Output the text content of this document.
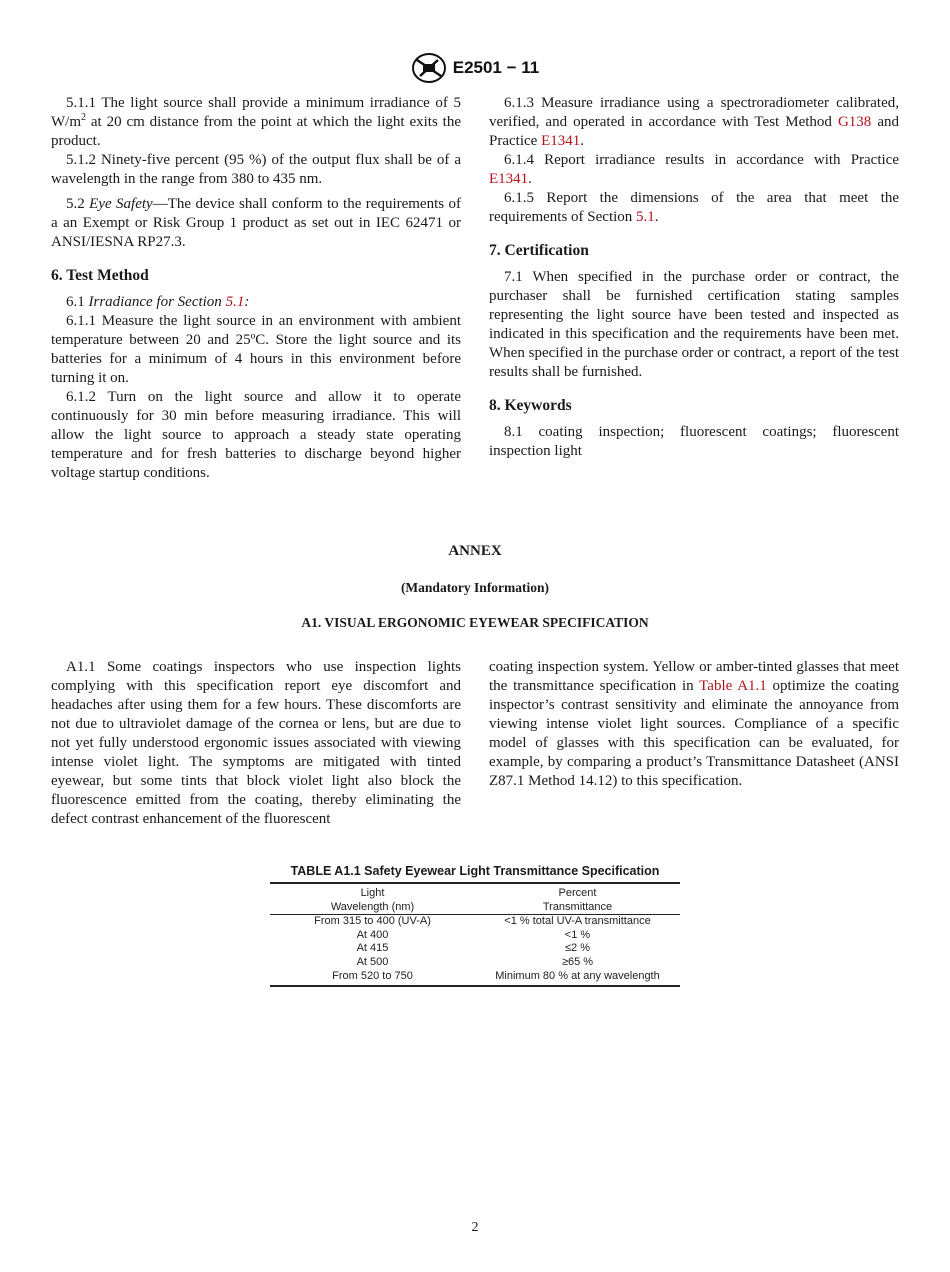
E2501 − 11

5.1.1 The light source shall provide a minimum irradiance of 5 $W/m^2$ at 20 cm distance from the point at which the light exits the product.

5.1.2 Ninety-five percent (95 %) of the output flux shall be of a wavelength in the range from 380 to 435 nm.

5.2 Eye Safety—The device shall conform to the requirements of a an Exempt or Risk Group 1 product as set out in IEC 62471 or ANSI/IESNA RP27.3.

6. Test Method

6.1 Irradiance for Section 5.1:

6.1.1 Measure the light source in an environment with ambient temperature between 20 and 25ºC. Store the light source and its batteries for a minimum of 4 hours in this environment before turning it on.

6.1.2 Turn on the light source and allow it to operate continuously for 30 min before measuring irradiance. This will allow the light source to approach a steady state operating temperature and for fresh batteries to discharge beyond higher voltage startup conditions.

6.1.3 Measure irradiance using a spectroradiometer calibrated, verified, and operated in accordance with Test Method G138 and Practice E1341.

6.1.4 Report irradiance results in accordance with Practice E1341.

6.1.5 Report the dimensions of the area that meet the requirements of Section 5.1.

7. Certification

7.1 When specified in the purchase order or contract, the purchaser shall be furnished certification stating samples representing the light source have been tested and inspected as indicated in this specification and the requirements have been met. When specified in the purchase order or contract, a report of the test results shall be furnished.

8. Keywords

8.1 coating inspection; fluorescent coatings; fluorescent inspection light

ANNEX
(Mandatory Information)
A1. VISUAL ERGONOMIC EYEWEAR SPECIFICATION

A1.1 Some coatings inspectors who use inspection lights complying with this specification report eye discomfort and headaches after using them for a few hours. These discomforts are not due to ultraviolet damage of the cornea or lens, but are due to not yet fully understood ergonomic issues associated with viewing intense violet light. The symptoms are mitigated with tinted eyewear, but some tints that block violet light also block the fluorescence emitted from the coating, thereby eliminating the defect contrast enhancement of the fluorescent

coating inspection system. Yellow or amber-tinted glasses that meet the transmittance specification in Table A1.1 optimize the coating inspector’s contrast sensitivity and eliminate the annoyance from viewing intense violet light sources. Compliance of a specific model of glasses with this specification can be evaluated, for example, by comparing a product’s Transmittance Datasheet (ANSI Z87.1 Method 14.12) to this specification.

TABLE A1.1 Safety Eyewear Light Transmittance Specification
Light	Percent
Wavelength (nm)	Transmittance
From 315 to 400 (UV-A)	<1 % total UV-A transmittance
At 400	<1 %
At 415	≤2 %
At 500	≥65 %
From 520 to 750	Minimum 80 % at any wavelength
2
